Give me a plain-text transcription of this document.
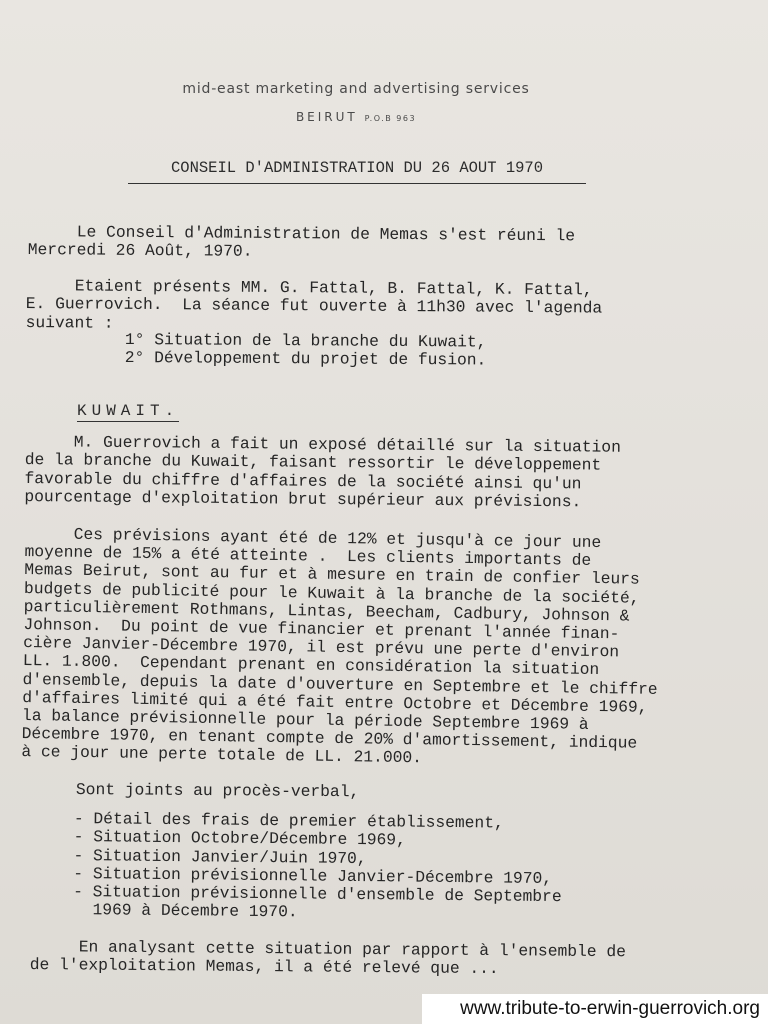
mid-east marketing and advertising services
BEIRUT P.O.B 963
CONSEIL D'ADMINISTRATION DU 26 AOUT 1970

Le Conseil d'Administration de Memas s'est réuni le
Mercredi 26 Août, 1970.

Etaient présents MM. G. Fattal, B. Fattal, K. Fattal,
E. Guerrovich.  La séance fut ouverte à 11h30 avec l'agenda
suivant :

1° Situation de la branche du Kuwait,
2° Développement du projet de fusion.

KUWAIT.

M. Guerrovich a fait un exposé détaillé sur la situation
de la branche du Kuwait, faisant ressortir le développement
favorable du chiffre d'affaires de la société ainsi qu'un
pourcentage d'exploitation brut supérieur aux prévisions.

Ces prévisions ayant été de 12% et jusqu'à ce jour une
moyenne de 15% a été atteinte .  Les clients importants de
Memas Beirut, sont au fur et à mesure en train de confier leurs
budgets de publicité pour le Kuwait à la branche de la société,
particulièrement Rothmans, Lintas, Beecham, Cadbury, Johnson &
Johnson.  Du point de vue financier et prenant l'année finan-
cière Janvier-Décembre 1970, il est prévu une perte d'environ
LL. 1.800.  Cependant prenant en considération la situation
d'ensemble, depuis la date d'ouverture en Septembre et le chiffre
d'affaires limité qui a été fait entre Octobre et Décembre 1969,
la balance prévisionnelle pour la période Septembre 1969 à
Décembre 1970, en tenant compte de 20% d'amortissement, indique
à ce jour une perte totale de LL. 21.000.

Sont joints au procès-verbal,

- Détail des frais de premier établissement,
- Situation Octobre/Décembre 1969,
- Situation Janvier/Juin 1970,
- Situation prévisionnelle Janvier-Décembre 1970,
- Situation prévisionnelle d'ensemble de Septembre
1969 à Décembre 1970.

En analysant cette situation par rapport à l'ensemble de
de l'exploitation Memas, il a été relevé que ...

www.tribute-to-erwin-guerrovich.org
